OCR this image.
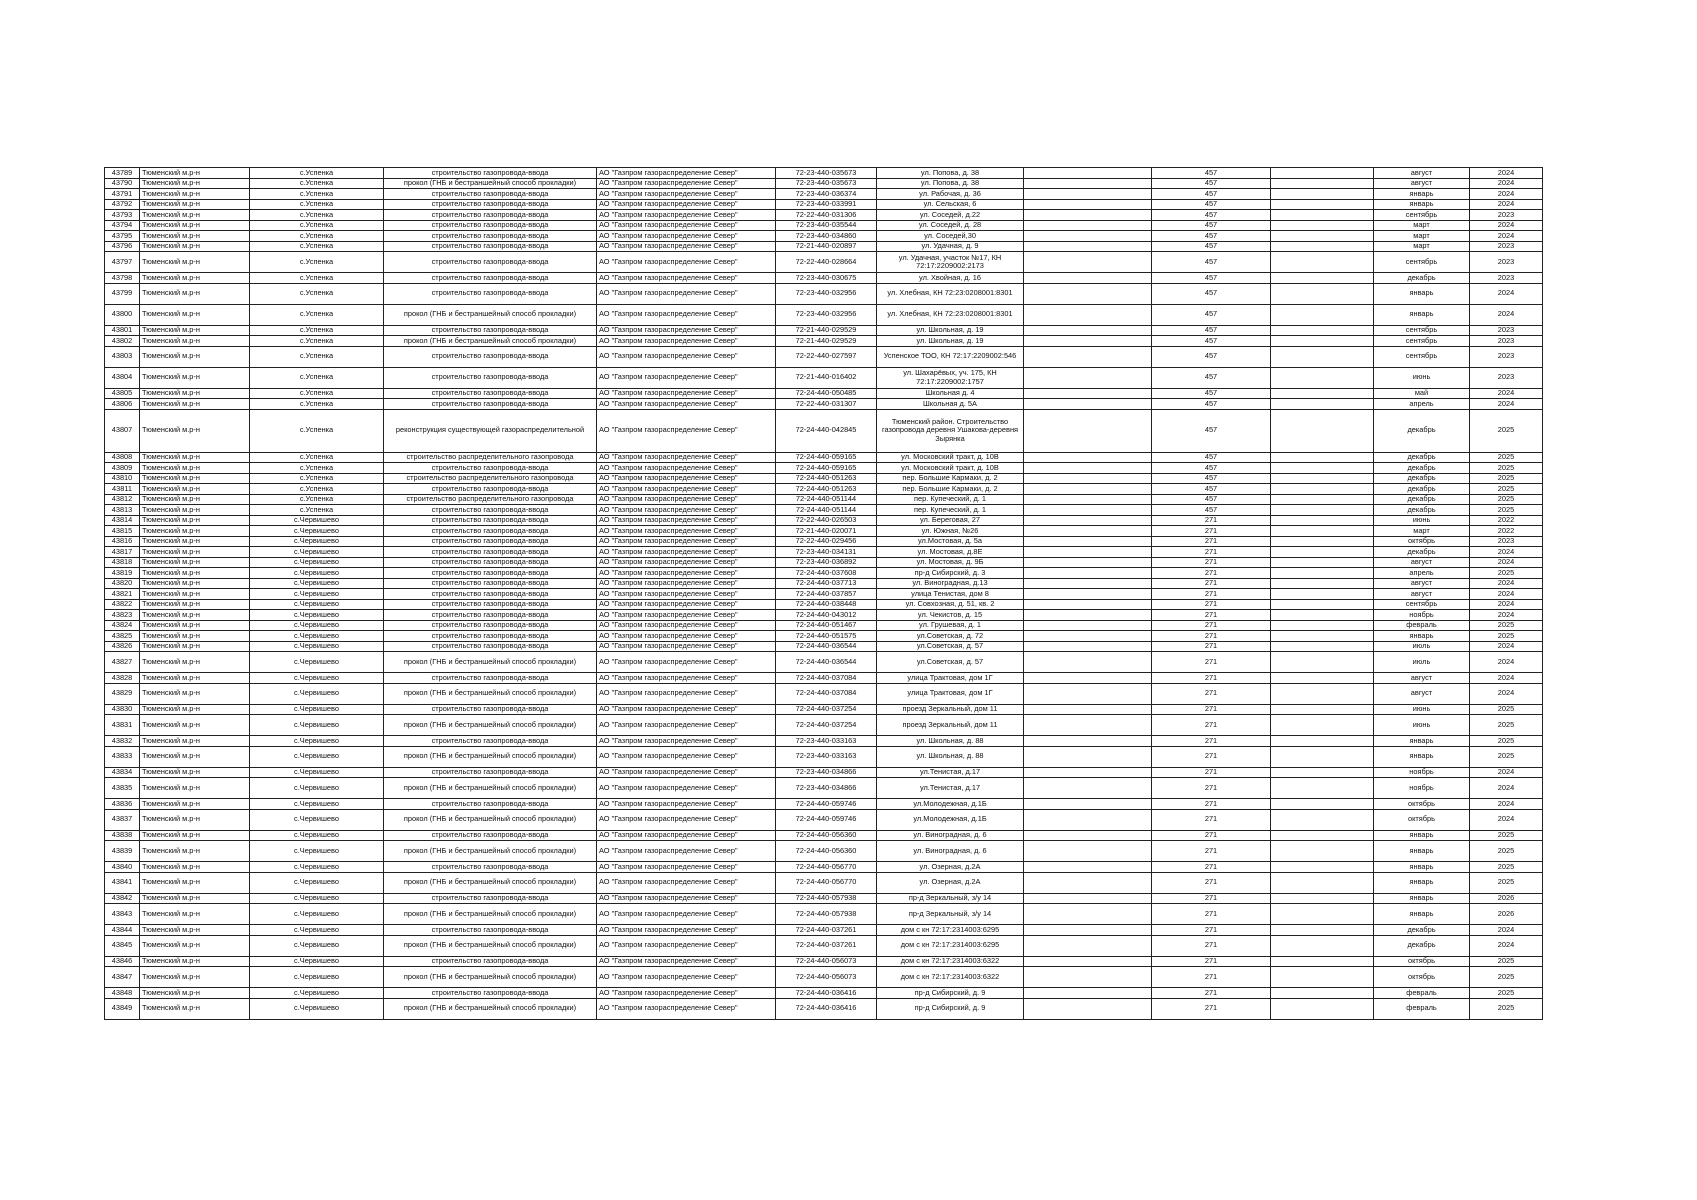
43789	Тюменский м.р-н	с.Успенка	строительство газопровода-ввода	АО "Газпром газораспределение Север"	72-23-440-035673	ул. Попова, д. 38		457		август	2024
43790	Тюменский м.р-н	с.Успенка	прокол (ГНБ и бестраншейный способ прокладки)	АО "Газпром газораспределение Север"	72-23-440-035673	ул. Попова, д. 38		457		август	2024
43791	Тюменский м.р-н	с.Успенка	строительство газопровода-ввода	АО "Газпром газораспределение Север"	72-23-440-036374	ул. Рабочая, д. 36		457		январь	2024
43792	Тюменский м.р-н	с.Успенка	строительство газопровода-ввода	АО "Газпром газораспределение Север"	72-23-440-033991	ул. Сельская, 6		457		январь	2024
43793	Тюменский м.р-н	с.Успенка	строительство газопровода-ввода	АО "Газпром газораспределение Север"	72-22-440-031306	ул. Соседей, д.22		457		сентябрь	2023
43794	Тюменский м.р-н	с.Успенка	строительство газопровода-ввода	АО "Газпром газораспределение Север"	72-23-440-035544	ул. Соседей, д. 28		457		март	2024
43795	Тюменский м.р-н	с.Успенка	строительство газопровода-ввода	АО "Газпром газораспределение Север"	72-23-440-034860	ул. Соседей,30		457		март	2024
43796	Тюменский м.р-н	с.Успенка	строительство газопровода-ввода	АО "Газпром газораспределение Север"	72-21-440-020897	ул. Удачная, д. 9		457		март	2023
43797	Тюменский м.р-н	с.Успенка	строительство газопровода-ввода	АО "Газпром газораспределение Север"	72-22-440-028664	ул. Удачная, участок №17, КН 72:17:2209002:2173		457		сентябрь	2023
43798	Тюменский м.р-н	с.Успенка	строительство газопровода-ввода	АО "Газпром газораспределение Север"	72-23-440-030675	ул. Хвойная, д. 16		457		декабрь	2023
43799	Тюменский м.р-н	с.Успенка	строительство газопровода-ввода	АО "Газпром газораспределение Север"	72-23-440-032956	ул. Хлебная, КН 72:23:0208001:8301		457		январь	2024
43800	Тюменский м.р-н	с.Успенка	прокол (ГНБ и бестраншейный способ прокладки)	АО "Газпром газораспределение Север"	72-23-440-032956	ул. Хлебная, КН 72:23:0208001:8301		457		январь	2024
43801	Тюменский м.р-н	с.Успенка	строительство газопровода-ввода	АО "Газпром газораспределение Север"	72-21-440-029529	ул. Школьная, д. 19		457		сентябрь	2023
43802	Тюменский м.р-н	с.Успенка	прокол (ГНБ и бестраншейный способ прокладки)	АО "Газпром газораспределение Север"	72-21-440-029529	ул. Школьная, д. 19		457		сентябрь	2023
43803	Тюменский м.р-н	с.Успенка	строительство газопровода-ввода	АО "Газпром газораспределение Север"	72-22-440-027597	Успенское ТОО, КН 72:17:2209002:546		457		сентябрь	2023
43804	Тюменский м.р-н	с.Успенка	строительство газопровода-ввода	АО "Газпром газораспределение Север"	72-21-440-016402	ул. Шахарёвых, уч. 175, КН 72:17:2209002:1757		457		июнь	2023
43805	Тюменский м.р-н	с.Успенка	строительство газопровода-ввода	АО "Газпром газораспределение Север"	72-24-440-050485	Школьная д. 4		457		май	2024
43806	Тюменский м.р-н	с.Успенка	строительство газопровода-ввода	АО "Газпром газораспределение Север"	72-22-440-031307	Школьная д. 5А		457		апрель	2024
43807	Тюменский м.р-н	с.Успенка	реконструкция существующей газораспределительной	АО "Газпром газораспределение Север"	72-24-440-042845	Тюменский район. Строительство газопровода деревня Ушакова-деревня Зырянка		457		декабрь	2025
43808	Тюменский м.р-н	с.Успенка	строительство распределительного газопровода	АО "Газпром газораспределение Север"	72-24-440-059165	ул. Московский тракт, д. 10В		457		декабрь	2025
43809	Тюменский м.р-н	с.Успенка	строительство газопровода-ввода	АО "Газпром газораспределение Север"	72-24-440-059165	ул. Московский тракт, д. 10В		457		декабрь	2025
43810	Тюменский м.р-н	с.Успенка	строительство распределительного газопровода	АО "Газпром газораспределение Север"	72-24-440-051263	пер. Большие Кармаки, д. 2		457		декабрь	2025
43811	Тюменский м.р-н	с.Успенка	строительство газопровода-ввода	АО "Газпром газораспределение Север"	72-24-440-051263	пер. Большие Кармаки, д. 2		457		декабрь	2025
43812	Тюменский м.р-н	с.Успенка	строительство распределительного газопровода	АО "Газпром газораспределение Север"	72-24-440-051144	пер. Купеческий, д. 1		457		декабрь	2025
43813	Тюменский м.р-н	с.Успенка	строительство газопровода-ввода	АО "Газпром газораспределение Север"	72-24-440-051144	пер. Купеческий, д. 1		457		декабрь	2025
43814	Тюменский м.р-н	с.Червишево	строительство газопровода-ввода	АО "Газпром газораспределение Север"	72-22-440-026503	ул. Береговая, 27		271		июнь	2022
43815	Тюменский м.р-н	с.Червишево	строительство газопровода-ввода	АО "Газпром газораспределение Север"	72-21-440-020071	ул. Южная, №26		271		март	2022
43816	Тюменский м.р-н	с.Червишево	строительство газопровода-ввода	АО "Газпром газораспределение Север"	72-22-440-029456	ул.Мостовая, д. 5а		271		октябрь	2023
43817	Тюменский м.р-н	с.Червишево	строительство газопровода-ввода	АО "Газпром газораспределение Север"	72-23-440-034131	ул. Мостовая, д.8Е		271		декабрь	2024
43818	Тюменский м.р-н	с.Червишево	строительство газопровода-ввода	АО "Газпром газораспределение Север"	72-23-440-036892	ул. Мостовая, д. 9Б		271		август	2024
43819	Тюменский м.р-н	с.Червишево	строительство газопровода-ввода	АО "Газпром газораспределение Север"	72-24-440-037608	пр-д Сибирский, д. 3		271		апрель	2025
43820	Тюменский м.р-н	с.Червишево	строительство газопровода-ввода	АО "Газпром газораспределение Север"	72-24-440-037713	ул. Виноградная, д.13		271		август	2024
43821	Тюменский м.р-н	с.Червишево	строительство газопровода-ввода	АО "Газпром газораспределение Север"	72-24-440-037857	улица Тенистая, дом 8		271		август	2024
43822	Тюменский м.р-н	с.Червишево	строительство газопровода-ввода	АО "Газпром газораспределение Север"	72-24-440-038448	ул. Совхозная, д. 51, кв. 2		271		сентябрь	2024
43823	Тюменский м.р-н	с.Червишево	строительство газопровода-ввода	АО "Газпром газораспределение Север"	72-24-440-043012	ул. Чекистов, д. 15		271		ноябрь	2024
43824	Тюменский м.р-н	с.Червишево	строительство газопровода-ввода	АО "Газпром газораспределение Север"	72-24-440-051467	ул. Грушевая, д. 1		271		февраль	2025
43825	Тюменский м.р-н	с.Червишево	строительство газопровода-ввода	АО "Газпром газораспределение Север"	72-24-440-051575	ул.Советская, д. 72		271		январь	2025
43826	Тюменский м.р-н	с.Червишево	строительство газопровода-ввода	АО "Газпром газораспределение Север"	72-24-440-036544	ул.Советская, д. 57		271		июль	2024
43827	Тюменский м.р-н	с.Червишево	прокол (ГНБ и бестраншейный способ прокладки)	АО "Газпром газораспределение Север"	72-24-440-036544	ул.Советская, д. 57		271		июль	2024
43828	Тюменский м.р-н	с.Червишево	строительство газопровода-ввода	АО "Газпром газораспределение Север"	72-24-440-037084	улица Трактовая, дом 1Г		271		август	2024
43829	Тюменский м.р-н	с.Червишево	прокол (ГНБ и бестраншейный способ прокладки)	АО "Газпром газораспределение Север"	72-24-440-037084	улица Трактовая, дом 1Г		271		август	2024
43830	Тюменский м.р-н	с.Червишево	строительство газопровода-ввода	АО "Газпром газораспределение Север"	72-24-440-037254	проезд Зеркальный, дом 11		271		июнь	2025
43831	Тюменский м.р-н	с.Червишево	прокол (ГНБ и бестраншейный способ прокладки)	АО "Газпром газораспределение Север"	72-24-440-037254	проезд Зеркальный, дом 11		271		июнь	2025
43832	Тюменский м.р-н	с.Червишево	строительство газопровода-ввода	АО "Газпром газораспределение Север"	72-23-440-033163	ул. Школьная, д. 88		271		январь	2025
43833	Тюменский м.р-н	с.Червишево	прокол (ГНБ и бестраншейный способ прокладки)	АО "Газпром газораспределение Север"	72-23-440-033163	ул. Школьная, д. 88		271		январь	2025
43834	Тюменский м.р-н	с.Червишево	строительство газопровода-ввода	АО "Газпром газораспределение Север"	72-23-440-034866	ул.Тенистая, д.17		271		ноябрь	2024
43835	Тюменский м.р-н	с.Червишево	прокол (ГНБ и бестраншейный способ прокладки)	АО "Газпром газораспределение Север"	72-23-440-034866	ул.Тенистая, д.17		271		ноябрь	2024
43836	Тюменский м.р-н	с.Червишево	строительство газопровода-ввода	АО "Газпром газораспределение Север"	72-24-440-059746	ул.Молодежная, д.1Б		271		октябрь	2024
43837	Тюменский м.р-н	с.Червишево	прокол (ГНБ и бестраншейный способ прокладки)	АО "Газпром газораспределение Север"	72-24-440-059746	ул.Молодежная, д.1Б		271		октябрь	2024
43838	Тюменский м.р-н	с.Червишево	строительство газопровода-ввода	АО "Газпром газораспределение Север"	72-24-440-056360	ул. Виноградная, д. 6		271		январь	2025
43839	Тюменский м.р-н	с.Червишево	прокол (ГНБ и бестраншейный способ прокладки)	АО "Газпром газораспределение Север"	72-24-440-056360	ул. Виноградная, д. 6		271		январь	2025
43840	Тюменский м.р-н	с.Червишево	строительство газопровода-ввода	АО "Газпром газораспределение Север"	72-24-440-056770	ул. Озерная, д.2А		271		январь	2025
43841	Тюменский м.р-н	с.Червишево	прокол (ГНБ и бестраншейный способ прокладки)	АО "Газпром газораспределение Север"	72-24-440-056770	ул. Озерная, д.2А		271		январь	2025
43842	Тюменский м.р-н	с.Червишево	строительство газопровода-ввода	АО "Газпром газораспределение Север"	72-24-440-057938	пр-д Зеркальный, з/у 14		271		январь	2026
43843	Тюменский м.р-н	с.Червишево	прокол (ГНБ и бестраншейный способ прокладки)	АО "Газпром газораспределение Север"	72-24-440-057938	пр-д Зеркальный, з/у 14		271		январь	2026
43844	Тюменский м.р-н	с.Червишево	строительство газопровода-ввода	АО "Газпром газораспределение Север"	72-24-440-037261	дом с кн 72:17:2314003:6295		271		декабрь	2024
43845	Тюменский м.р-н	с.Червишево	прокол (ГНБ и бестраншейный способ прокладки)	АО "Газпром газораспределение Север"	72-24-440-037261	дом с кн 72:17:2314003:6295		271		декабрь	2024
43846	Тюменский м.р-н	с.Червишево	строительство газопровода-ввода	АО "Газпром газораспределение Север"	72-24-440-056073	дом с кн 72:17:2314003:6322		271		октябрь	2025
43847	Тюменский м.р-н	с.Червишево	прокол (ГНБ и бестраншейный способ прокладки)	АО "Газпром газораспределение Север"	72-24-440-056073	дом с кн 72:17:2314003:6322		271		октябрь	2025
43848	Тюменский м.р-н	с.Червишево	строительство газопровода-ввода	АО "Газпром газораспределение Север"	72-24-440-036416	пр-д Сибирский, д. 9		271		февраль	2025
43849	Тюменский м.р-н	с.Червишево	прокол (ГНБ и бестраншейный способ прокладки)	АО "Газпром газораспределение Север"	72-24-440-036416	пр-д Сибирский, д. 9		271		февраль	2025
